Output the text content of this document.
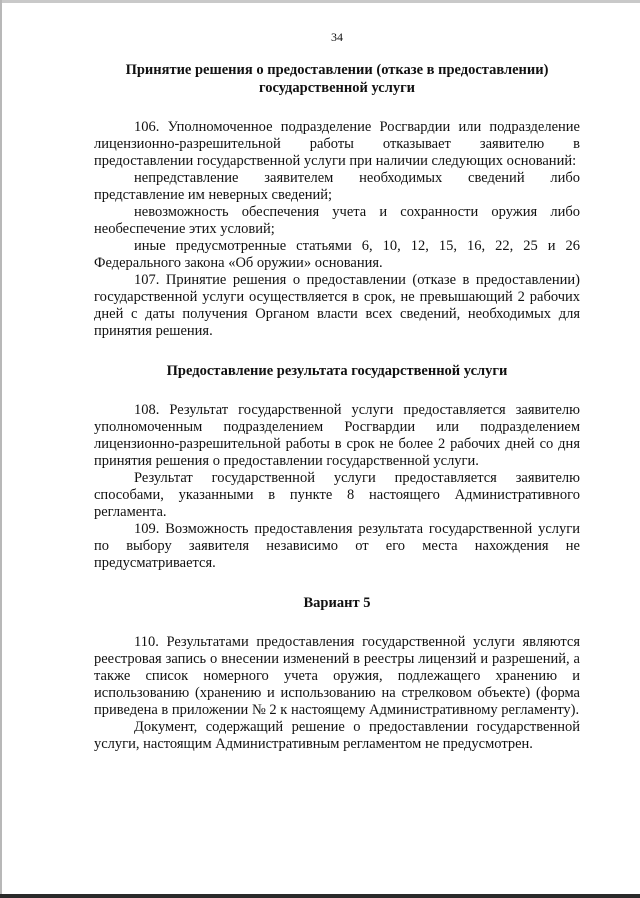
34
Принятие решения о предоставлении (отказе в предоставлении) государственной услуги

106. Уполномоченное подразделение Росгвардии или подразделение лицензионно-разрешительной работы отказывает заявителю в предоставлении государственной услуги при наличии следующих оснований:

непредставление заявителем необходимых сведений либо представление им неверных сведений;

невозможность обеспечения учета и сохранности оружия либо необеспечение этих условий;

иные предусмотренные статьями 6, 10, 12, 15, 16, 22, 25 и 26 Федерального закона «Об оружии» основания.

107. Принятие решения о предоставлении (отказе в предоставлении) государственной услуги осуществляется в срок, не превышающий 2 рабочих дней с даты получения Органом власти всех сведений, необходимых для принятия решения.

Предоставление результата государственной услуги

108. Результат государственной услуги предоставляется заявителю уполномоченным подразделением Росгвардии или подразделением лицензионно-разрешительной работы в срок не более 2 рабочих дней со дня принятия решения о предоставлении государственной услуги.

Результат государственной услуги предоставляется заявителю способами, указанными в пункте 8 настоящего Административного регламента.

109. Возможность предоставления результата государственной услуги по выбору заявителя независимо от его места нахождения не предусматривается.

Вариант 5

110. Результатами предоставления государственной услуги являются реестровая запись о внесении изменений в реестры лицензий и разрешений, а также список номерного учета оружия, подлежащего хранению и использованию (хранению и использованию на стрелковом объекте) (форма приведена в приложении № 2 к настоящему Административному регламенту).

Документ, содержащий решение о предоставлении государственной услуги, настоящим Административным регламентом не предусмотрен.
